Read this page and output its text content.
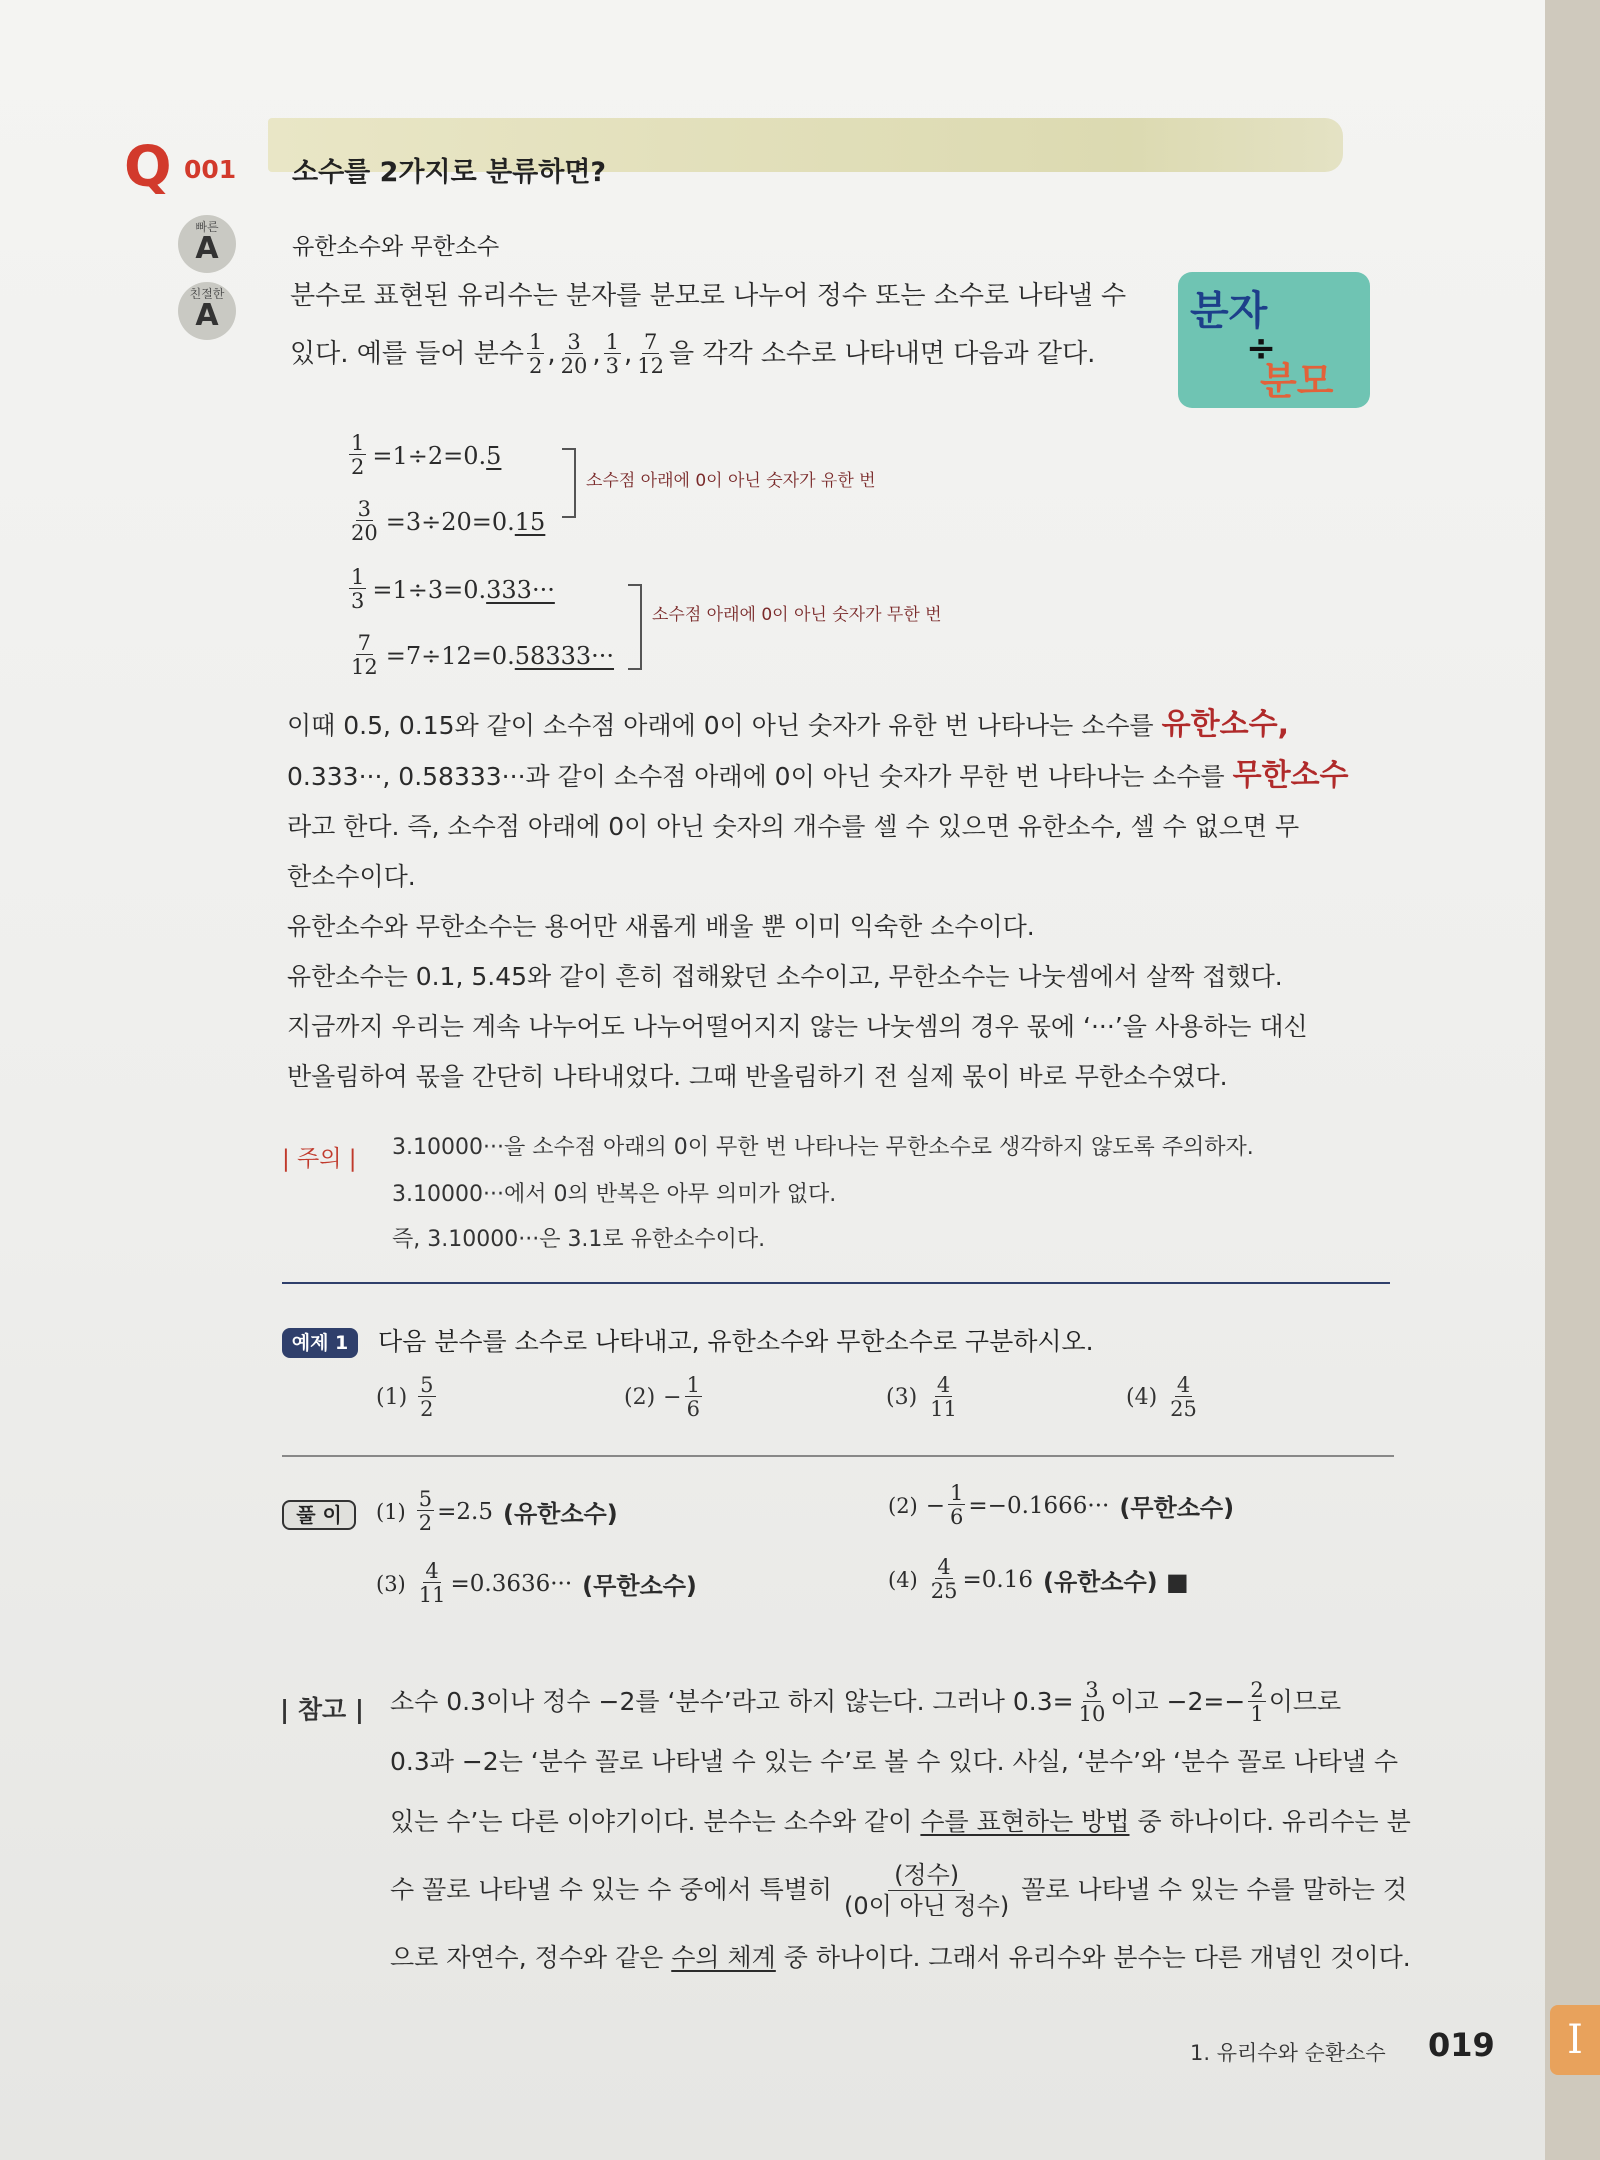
Q 001 소수를 2가지로 분류하면?
빠른
A	유한소수와 무한소수
친절한
A
분수로 표현된 유리수는 분자를 분모로 나누어 정수 또는 소수로 나타낼 수
있다. 예를 들어 분수 $\frac{1}{2}$ , $\frac{3}{20}$ , $\frac{1}{3}$ , $\frac{7}{12}$ 을 각각 소수로 나타내면 다음과 같다.
분자
÷
분모
$\frac{1}{2} =1\div 2=0$. 5
$\frac{3}{20} =3\div 20=0$. 15
소수점 아래에 0이 아닌 숫자가 유한 번
$\frac{1}{3} =1\div 3=0$. 333···
$\frac{7}{12} =7\div 12=0$. 58333···
소수점 아래에 0이 아닌 숫자가 무한 번
이때 0.5, 0.15와 같이 소수점 아래에 0이 아닌 숫자가 유한 번 나타나는 소수를 유한소수,
0.333···, 0.58333···과 같이 소수점 아래에 0이 아닌 숫자가 무한 번 나타나는 소수를 무한소수
라고 한다. 즉, 소수점 아래에 0이 아닌 숫자의 개수를 셀 수 있으면 유한소수, 셀 수 없으면 무
한소수이다.
유한소수와 무한소수는 용어만 새롭게 배울 뿐 이미 익숙한 소수이다.
유한소수는 0.1, 5.45와 같이 흔히 접해왔던 소수이고, 무한소수는 나눗셈에서 살짝 접했다.
지금까지 우리는 계속 나누어도 나누어떨어지지 않는 나눗셈의 경우 몫에 ‘···’을 사용하는 대신
반올림하여 몫을 간단히 나타내었다. 그때 반올림하기 전 실제 몫이 바로 무한소수였다.
| 주의 | 3.10000···을 소수점 아래의 0이 무한 번 나타나는 무한소수로 생각하지 않도록 주의하자.
3.10000···에서 0의 반복은 아무 의미가 없다.
즉, 3.10000···은 3.1로 유한소수이다.
예제 1	다음 분수를 소수로 나타내고, 유한소수와 무한소수로 구분하시오.
$(1) \frac{5}{2}$	$(2) - \frac{1}{6}$	$(3) \frac{4}{11}$	$(4) \frac{4}{25}$
풀 이	$(1) \frac{5}{2} =2.5$ (유한소수)	$(2) - \frac{1}{6} =-0.1666\cdot\cdot\cdot$ (무한소수)
$(3) \frac{4}{11} =0.3636\cdot\cdot\cdot$ (무한소수)	$(4) \frac{4}{25} =0.16$ (유한소수) ■
| 참고 | 소수 0.3이나 정수 −2를 ‘분수’라고 하지 않는다. 그러나 $0.3= \frac{3}{10}$ 이고 $-2=- \frac{2}{1}$ 이므로
0.3과 −2는 ‘분수 꼴로 나타낼 수 있는 수’로 볼 수 있다. 사실, ‘분수’와 ‘분수 꼴로 나타낼 수
있는 수’는 다른 이야기이다. 분수는 소수와 같이 수를 표현하는 방법 중 하나이다. 유리수는 분
수 꼴로 나타낼 수 있는 수 중에서 특별히 $\frac{\text{(정수)}}{\text{(0이 아닌 정수)}}$ 꼴로 나타낼 수 있는 수를 말하는 것
으로 자연수, 정수와 같은 수의 체계 중 하나이다. 그래서 유리수와 분수는 다른 개념인 것이다.
1. 유리수와 순환소수 019	I
